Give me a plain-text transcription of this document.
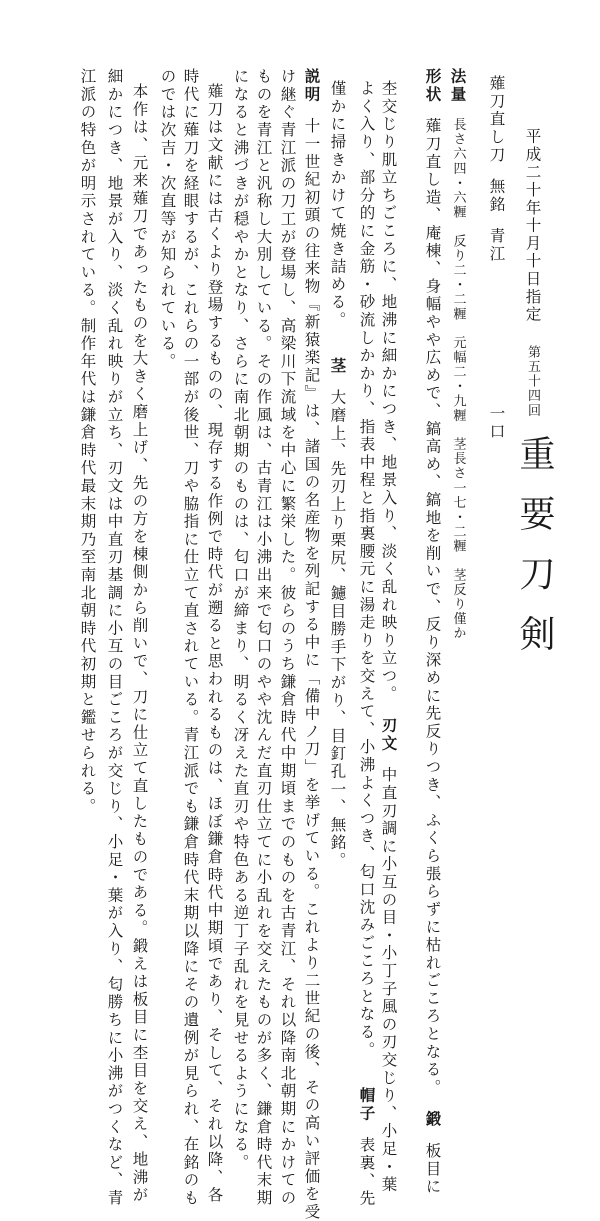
平成二十年十月十日指定
第五十四回
重要刀剣
薙刀直し刀無銘青江
一口
法量長さ六四・六糎反り二・二糎元幅二・九糎茎長さ一七・二糎茎反り僅か
形状薙刀直し造、庵棟、身幅やや広めで、鎬高め、鎬地を削いで、反り深めに先反りつき、ふくら張らずに枯れごころとなる。鍛板目に
杢交じり肌立ちごころに、地沸に細かにつき、地景入り、淡く乱れ映り立つ。刃文中直刃調に小互の目・小丁子風の刃交じり、小足・葉
よく入り、部分的に金筋・砂流しかかり、指表中程と指裏腰元に湯走りを交えて、小沸よくつき、匂口沈みごころとなる。帽子表裏、先
僅かに掃きかけて焼き詰める。茎大磨上、先刃上り栗尻、鑢目勝手下がり、目釘孔一、無銘。
説明十一世紀初頭の往来物『新猿楽記』は、諸国の名産物を列記する中に「備中ノ刀」を挙げている。これより二世紀の後、その高い評価を受
け継ぐ青江派の刀工が登場し、高梁川下流域を中心に繁栄した。彼らのうち鎌倉時代中期頃までのものを古青江、それ以降南北朝期にかけての
ものを青江と汎称し大別している。その作風は、古青江は小沸出来で匂口のやや沈んだ直刃仕立てに小乱れを交えたものが多く、鎌倉時代末期
になると沸づきが穏やかとなり、さらに南北朝期のものは、匂口が締まり、明るく冴えた直刃や特色ある逆丁子乱れを見せるようになる。
薙刀は文献には古くより登場するものの、現存する作例で時代が遡ると思われるものは、ほぼ鎌倉時代中期頃であり、そして、それ以降、各
時代に薙刀を経眼するが、これらの一部が後世、刀や脇指に仕立て直されている。青江派でも鎌倉時代末期以降にその遺例が見られ、在銘のも
のでは次吉・次直等が知られている。
本作は、元来薙刀であったものを大きく磨上げ、先の方を棟側から削いで、刀に仕立て直したものである。鍛えは板目に杢目を交え、地沸が
細かにつき、地景が入り、淡く乱れ映りが立ち、刃文は中直刃基調に小互の目ごころが交じり、小足・葉が入り、匂勝ちに小沸がつくなど、青
江派の特色が明示されている。制作年代は鎌倉時代最末期乃至南北朝時代初期と鑑せられる。
